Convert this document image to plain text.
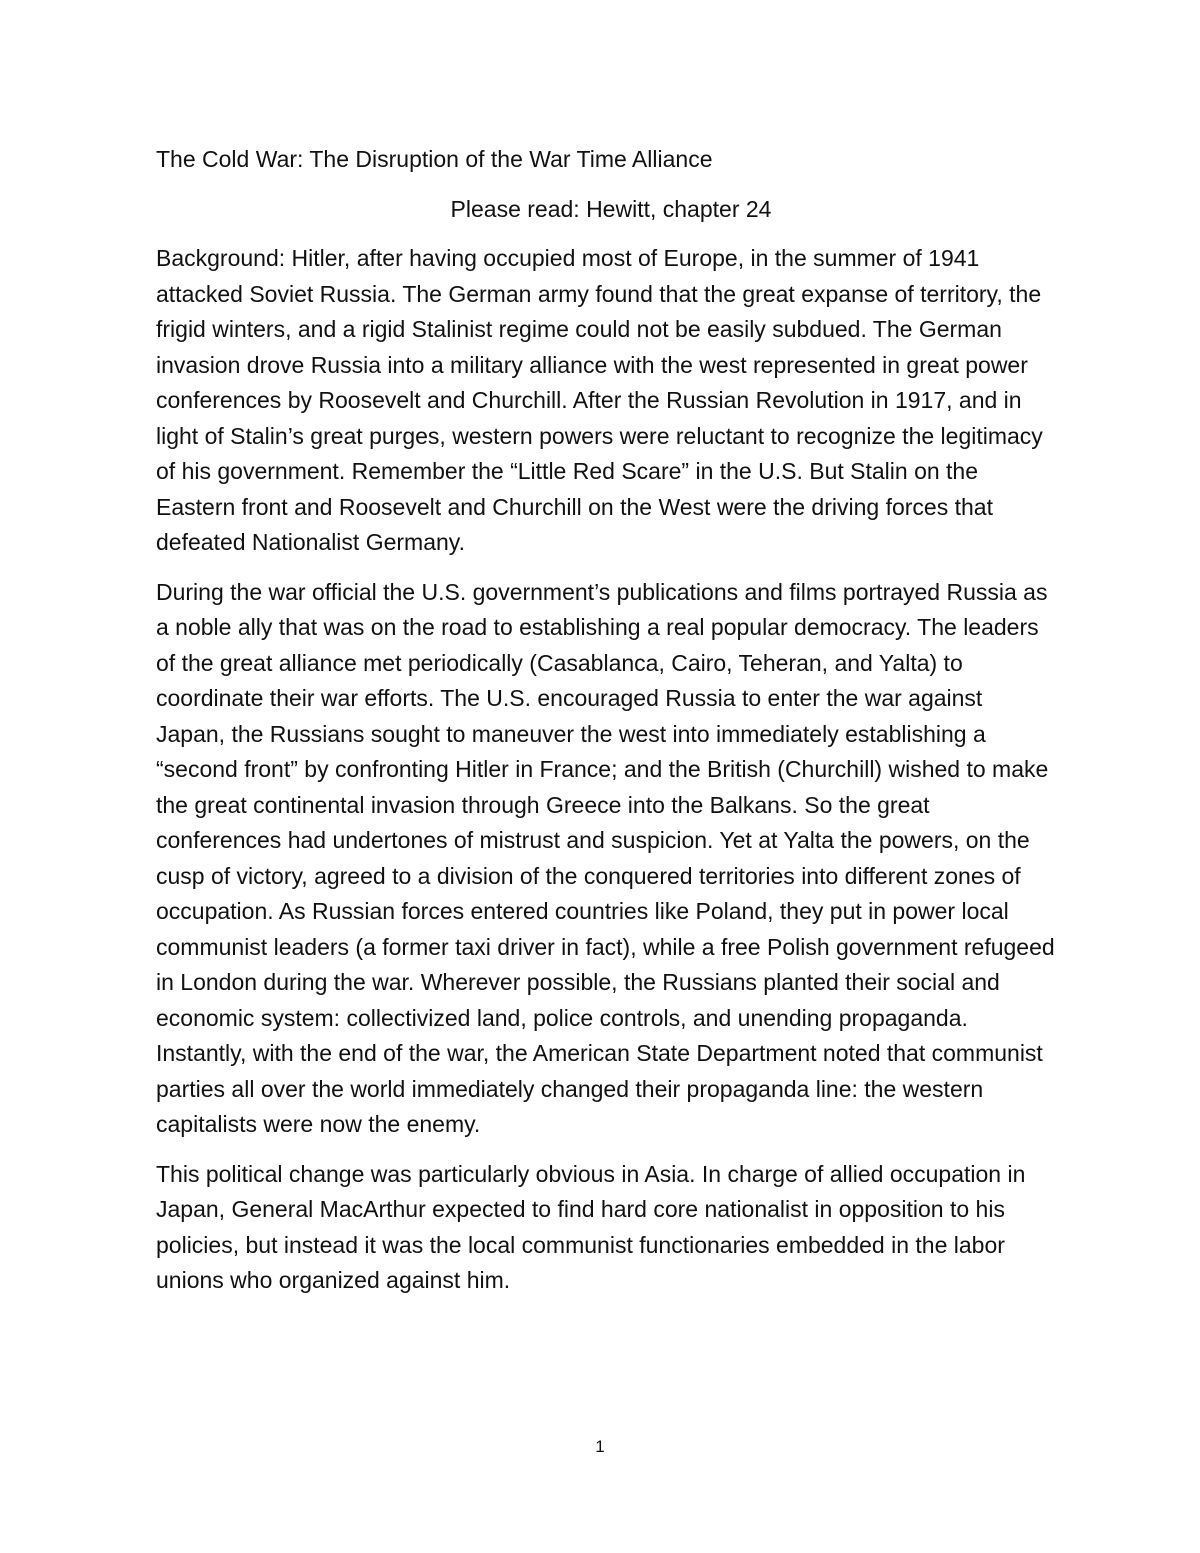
The Cold War: The Disruption of the War Time Alliance

Please read: Hewitt, chapter 24

Background: Hitler, after having occupied most of Europe, in the summer of 1941 attacked Soviet Russia. The German army found that the great expanse of territory, the frigid winters, and a rigid Stalinist regime could not be easily subdued. The German invasion drove Russia into a military alliance with the west represented in great power conferences by Roosevelt and Churchill. After the Russian Revolution in 1917, and in light of Stalin’s great purges, western powers were reluctant to recognize the legitimacy of his government. Remember the “Little Red Scare” in the U.S. But Stalin on the Eastern front and Roosevelt and Churchill on the West were the driving forces that defeated Nationalist Germany.

During the war official the U.S. government’s publications and films portrayed Russia as a noble ally that was on the road to establishing a real popular democracy. The leaders of the great alliance met periodically (Casablanca, Cairo, Teheran, and Yalta) to coordinate their war efforts. The U.S. encouraged Russia to enter the war against Japan, the Russians sought to maneuver the west into immediately establishing a “second front” by confronting Hitler in France; and the British (Churchill) wished to make the great continental invasion through Greece into the Balkans. So the great conferences had undertones of mistrust and suspicion. Yet at Yalta the powers, on the cusp of victory, agreed to a division of the conquered territories into different zones of occupation. As Russian forces entered countries like Poland, they put in power local communist leaders (a former taxi driver in fact), while a free Polish government refugeed in London during the war. Wherever possible, the Russians planted their social and economic system: collectivized land, police controls, and unending propaganda. Instantly, with the end of the war, the American State Department noted that communist parties all over the world immediately changed their propaganda line: the western capitalists were now the enemy.

This political change was particularly obvious in Asia. In charge of allied occupation in Japan, General MacArthur expected to find hard core nationalist in opposition to his policies, but instead it was the local communist functionaries embedded in the labor unions who organized against him.

1
